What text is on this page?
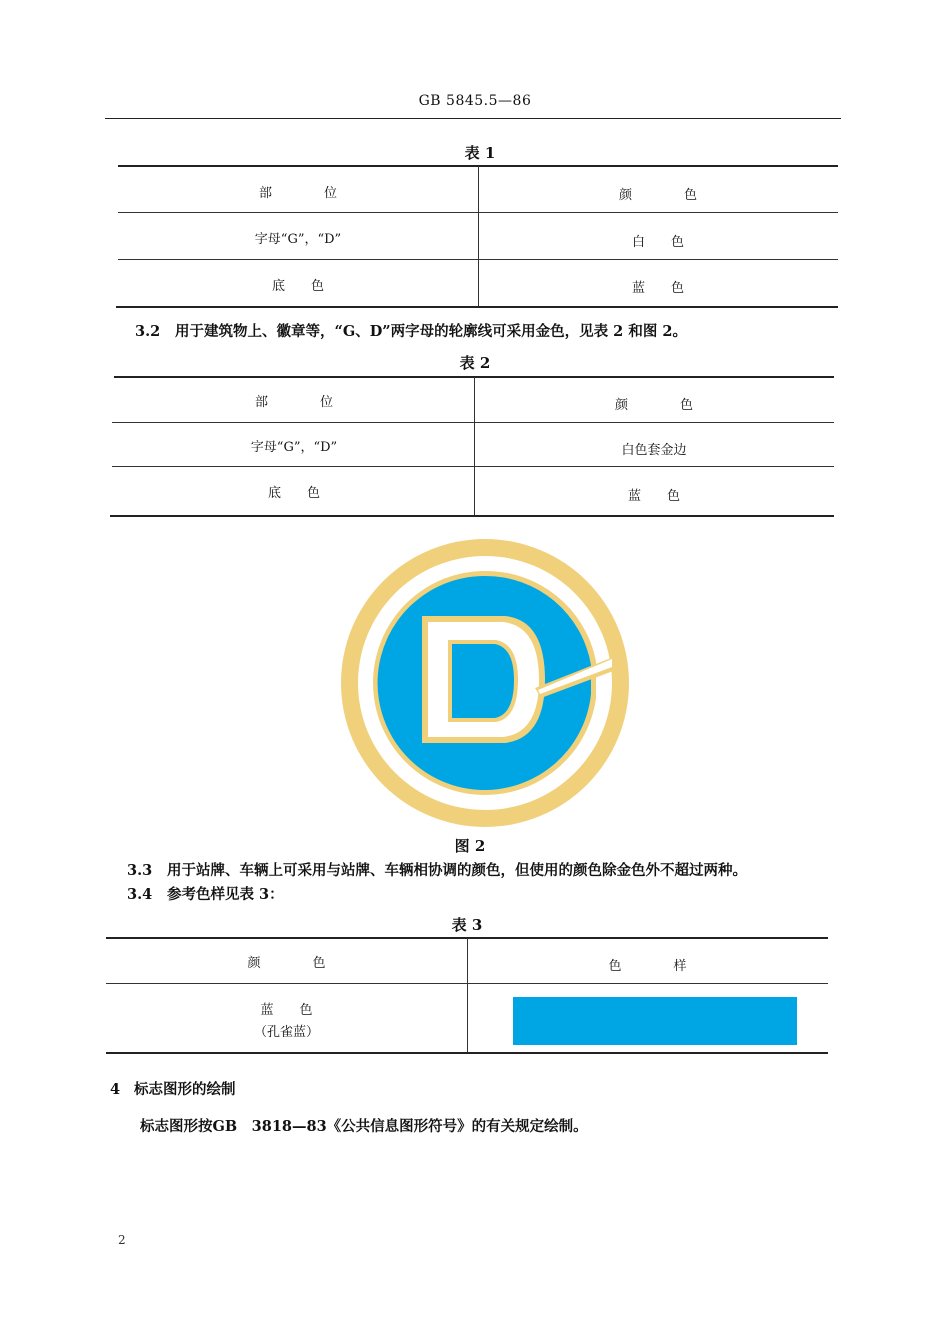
GB 5845.5—86
表 1
部　　　　位	颜　　　　色
字母“G”，“D”	白　　色
底　　色	蓝　　色
3.2 用于建筑物上、徽章等，“G、D”两字母的轮廓线可采用金色，见表 2 和图 2。
表 2
部　　　　位	颜　　　　色
字母“G”，“D”	白色套金边
底　　色	蓝　　色
图 2
3.3 用于站牌、车辆上可采用与站牌、车辆相协调的颜色，但使用的颜色除金色外不超过两种。
3.4 参考色样见表 3：
表 3
颜　　　　色	色　　　　样
蓝　　色
（孔雀蓝）
4 标志图形的绘制
标志图形按GB　3818—83《公共信息图形符号》的有关规定绘制。
2
